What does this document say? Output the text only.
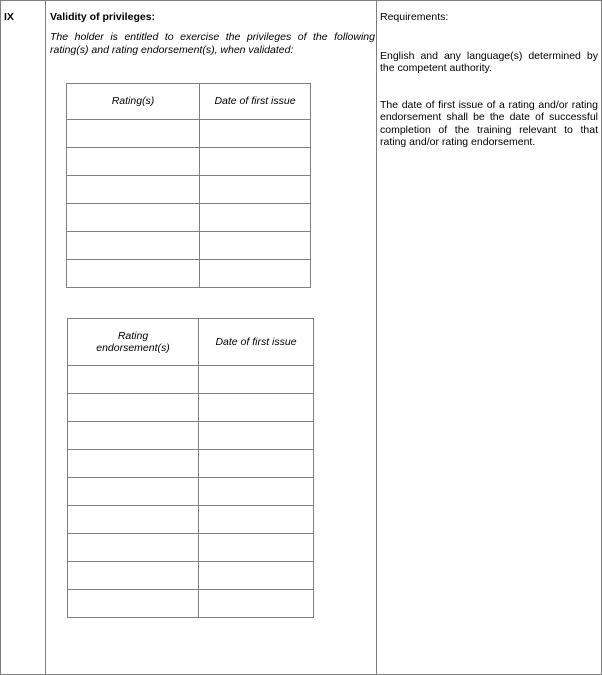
IX	Validity of privileges:

The holder is entitled to exercise the privileges of the following rating(s) and rating endorsement(s), when validated:

Rating(s)	Date of first issue

Rating endorsement(s)	Date of first issue

Requirements:

English and any language(s) determined by the competent authority.

The date of first issue of a rating and/or rating endorsement shall be the date of successful completion of the training relevant to that rating and/or rating endorsement.
